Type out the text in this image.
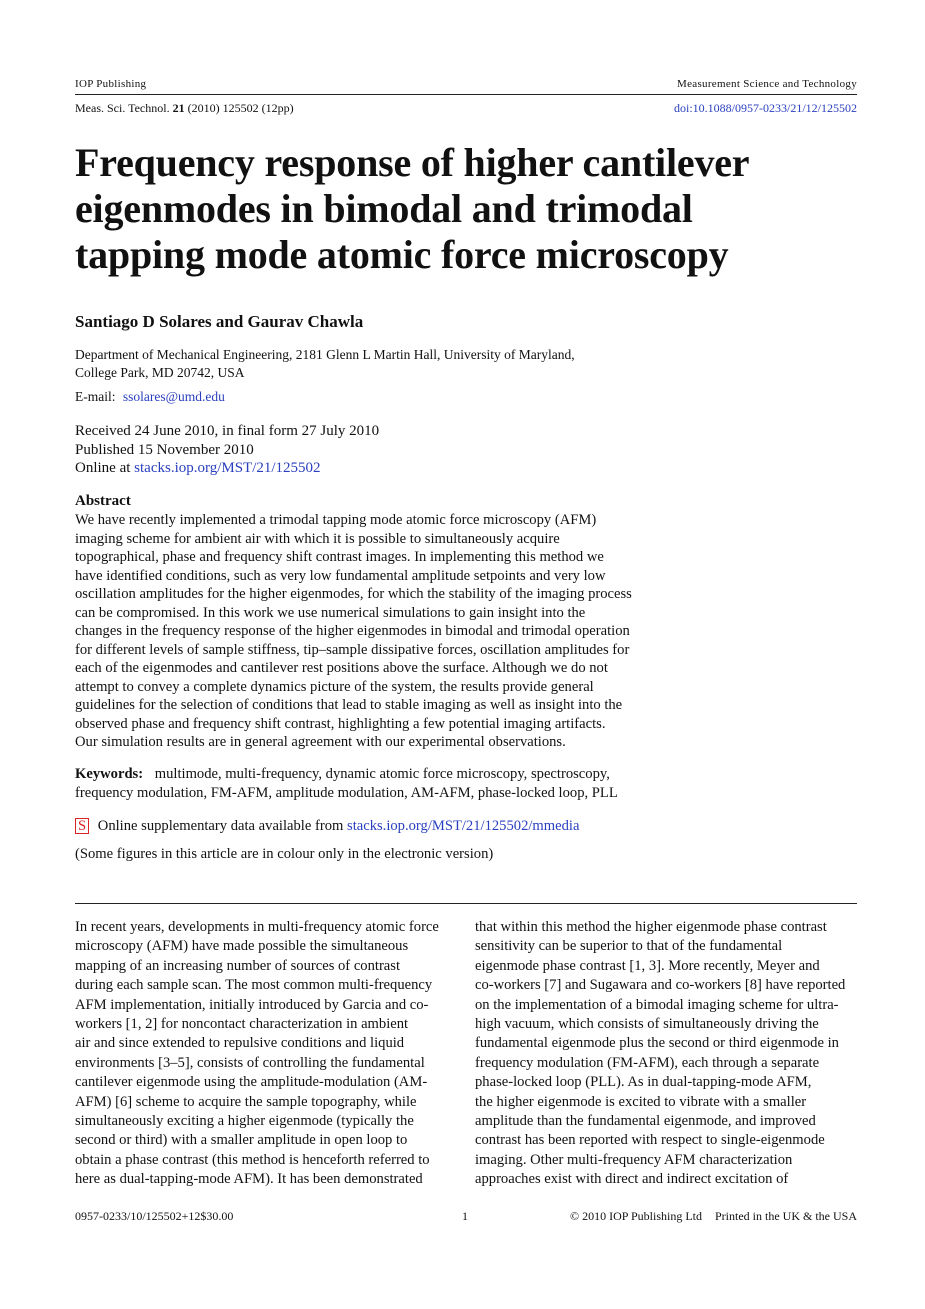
IOP Publishing	Measurement Science and Technology
Meas. Sci. Technol. 21 (2010) 125502 (12pp)	doi:10.1088/0957-0233/21/12/125502
Frequency response of higher cantilever
eigenmodes in bimodal and trimodal
tapping mode atomic force microscopy
Santiago D Solares and Gaurav Chawla
Department of Mechanical Engineering, 2181 Glenn L Martin Hall, University of Maryland,
College Park, MD 20742, USA
E-mail: ssolares@umd.edu
Received 24 June 2010, in final form 27 July 2010
Published 15 November 2010
Online at stacks.iop.org/MST/21/125502
Abstract
We have recently implemented a trimodal tapping mode atomic force microscopy (AFM)
imaging scheme for ambient air with which it is possible to simultaneously acquire
topographical, phase and frequency shift contrast images. In implementing this method we
have identified conditions, such as very low fundamental amplitude setpoints and very low
oscillation amplitudes for the higher eigenmodes, for which the stability of the imaging process
can be compromised. In this work we use numerical simulations to gain insight into the
changes in the frequency response of the higher eigenmodes in bimodal and trimodal operation
for different levels of sample stiffness, tip–sample dissipative forces, oscillation amplitudes for
each of the eigenmodes and cantilever rest positions above the surface. Although we do not
attempt to convey a complete dynamics picture of the system, the results provide general
guidelines for the selection of conditions that lead to stable imaging as well as insight into the
observed phase and frequency shift contrast, highlighting a few potential imaging artifacts.
Our simulation results are in general agreement with our experimental observations.
Keywords: multimode, multi-frequency, dynamic atomic force microscopy, spectroscopy,
frequency modulation, FM-AFM, amplitude modulation, AM-AFM, phase-locked loop, PLL
S Online supplementary data available from stacks.iop.org/MST/21/125502/mmedia
(Some figures in this article are in colour only in the electronic version)
In recent years, developments in multi-frequency atomic force
microscopy (AFM) have made possible the simultaneous
mapping of an increasing number of sources of contrast
during each sample scan. The most common multi-frequency
AFM implementation, initially introduced by Garcia and co-
workers [1, 2] for noncontact characterization in ambient
air and since extended to repulsive conditions and liquid
environments [3–5], consists of controlling the fundamental
cantilever eigenmode using the amplitude-modulation (AM-
AFM) [6] scheme to acquire the sample topography, while
simultaneously exciting a higher eigenmode (typically the
second or third) with a smaller amplitude in open loop to
obtain a phase contrast (this method is henceforth referred to
here as dual-tapping-mode AFM). It has been demonstrated
that within this method the higher eigenmode phase contrast
sensitivity can be superior to that of the fundamental
eigenmode phase contrast [1, 3]. More recently, Meyer and
co-workers [7] and Sugawara and co-workers [8] have reported
on the implementation of a bimodal imaging scheme for ultra-
high vacuum, which consists of simultaneously driving the
fundamental eigenmode plus the second or third eigenmode in
frequency modulation (FM-AFM), each through a separate
phase-locked loop (PLL). As in dual-tapping-mode AFM,
the higher eigenmode is excited to vibrate with a smaller
amplitude than the fundamental eigenmode, and improved
contrast has been reported with respect to single-eigenmode
imaging. Other multi-frequency AFM characterization
approaches exist with direct and indirect excitation of
0957-0233/10/125502+12$30.00	1	© 2010 IOP Publishing Ltd Printed in the UK & the USA
